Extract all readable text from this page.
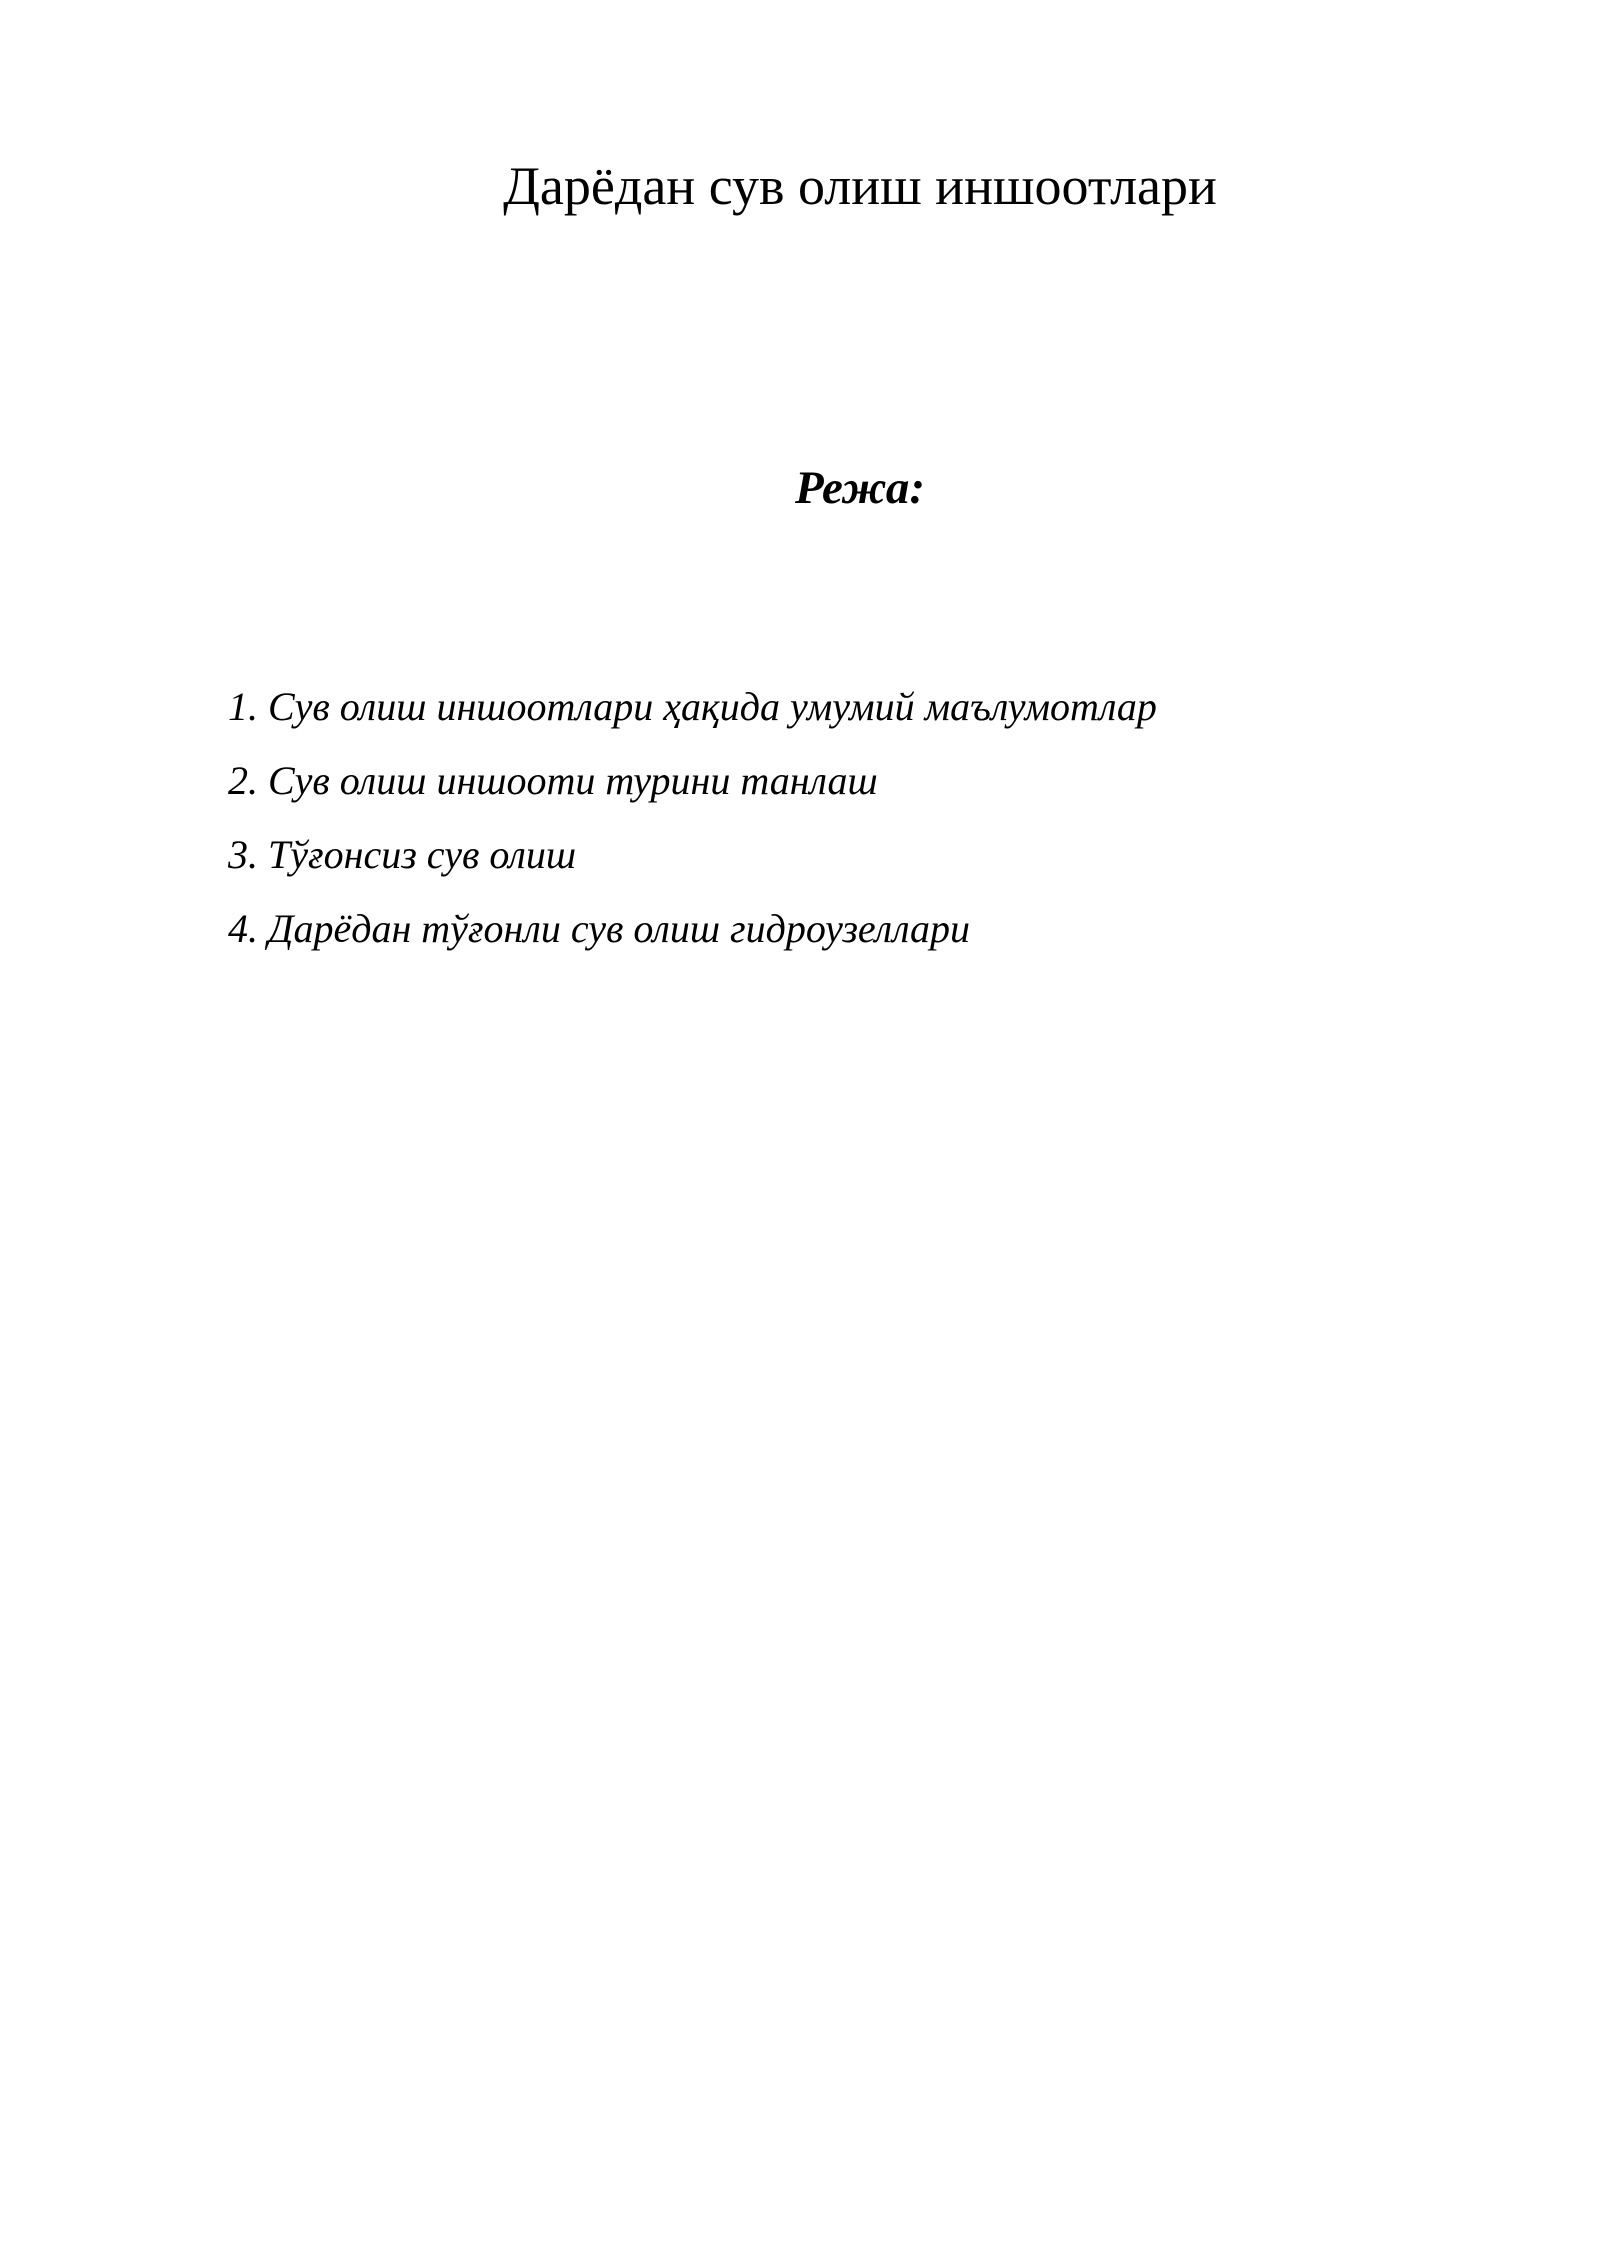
Дарёдан сув олиш иншоотлари
Режа:
1. Сув олиш иншоотлари ҳақида умумий маълумотлар
2. Сув олиш иншооти турини танлаш
3. Тўғонсиз сув олиш
4. Дарёдан тўғонли сув олиш гидроузеллари
